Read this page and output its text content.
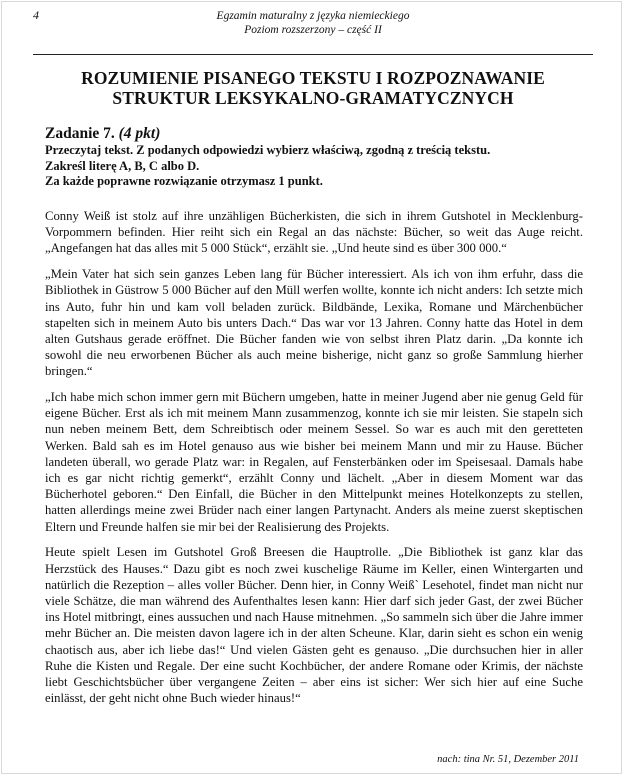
4	Egzamin maturalny z języka niemieckiego
Poziom rozszerzony – część II
ROZUMIENIE PISANEGO TEKSTU I ROZPOZNAWANIE
STRUKTUR LEKSYKALNO-GRAMATYCZNYCH
Zadanie 7. (4 pkt)
Przeczytaj tekst. Z podanych odpowiedzi wybierz właściwą, zgodną z treścią tekstu.
Zakreśl literę A, B, C albo D.
Za każde poprawne rozwiązanie otrzymasz 1 punkt.

Conny Weiß ist stolz auf ihre unzähligen Bücherkisten, die sich in ihrem Gutshotel in Mecklenburg-Vorpommern befinden. Hier reiht sich ein Regal an das nächste: Bücher, so weit das Auge reicht. „Angefangen hat das alles mit 5 000 Stück“, erzählt sie. „Und heute sind es über 300 000.“

„Mein Vater hat sich sein ganzes Leben lang für Bücher interessiert. Als ich von ihm erfuhr, dass die Bibliothek in Güstrow 5 000 Bücher auf den Müll werfen wollte, konnte ich nicht anders: Ich setzte mich ins Auto, fuhr hin und kam voll beladen zurück. Bildbände, Lexika, Romane und Märchenbücher stapelten sich in meinem Auto bis unters Dach.“ Das war vor 13 Jahren. Conny hatte das Hotel in dem alten Gutshaus gerade eröffnet. Die Bücher fanden wie von selbst ihren Platz darin. „Da konnte ich sowohl die neu erworbenen Bücher als auch meine bisherige, nicht ganz so große Sammlung hierher bringen.“

„Ich habe mich schon immer gern mit Büchern umgeben, hatte in meiner Jugend aber nie genug Geld für eigene Bücher. Erst als ich mit meinem Mann zusammenzog, konnte ich sie mir leisten. Sie stapeln sich nun neben meinem Bett, dem Schreibtisch oder meinem Sessel. So war es auch mit den geretteten Werken. Bald sah es im Hotel genauso aus wie bisher bei meinem Mann und mir zu Hause. Bücher landeten überall, wo gerade Platz war: in Regalen, auf Fensterbänken oder im Speisesaal. Damals habe ich es gar nicht richtig gemerkt“, erzählt Conny und lächelt. „Aber in diesem Moment war das Bücherhotel geboren.“ Den Einfall, die Bücher in den Mittelpunkt meines Hotelkonzepts zu stellen, hatten allerdings meine zwei Brüder nach einer langen Partynacht. Anders als meine zuerst skeptischen Eltern und Freunde halfen sie mir bei der Realisierung des Projekts.

Heute spielt Lesen im Gutshotel Groß Breesen die Hauptrolle. „Die Bibliothek ist ganz klar das Herzstück des Hauses.“ Dazu gibt es noch zwei kuschelige Räume im Keller, einen Wintergarten und natürlich die Rezeption – alles voller Bücher. Denn hier, in Conny Weiß` Lesehotel, findet man nicht nur viele Schätze, die man während des Aufenthaltes lesen kann: Hier darf sich jeder Gast, der zwei Bücher ins Hotel mitbringt, eines aussuchen und nach Hause mitnehmen. „So sammeln sich über die Jahre immer mehr Bücher an. Die meisten davon lagere ich in der alten Scheune. Klar, darin sieht es schon ein wenig chaotisch aus, aber ich liebe das!“ Und vielen Gästen geht es genauso. „Die durchsuchen hier in aller Ruhe die Kisten und Regale. Der eine sucht Kochbücher, der andere Romane oder Krimis, der nächste liebt Geschichtsbücher über vergangene Zeiten – aber eins ist sicher: Wer sich hier auf eine Suche einlässt, der geht nicht ohne Buch wieder hinaus!“

nach: tina Nr. 51, Dezember 2011
